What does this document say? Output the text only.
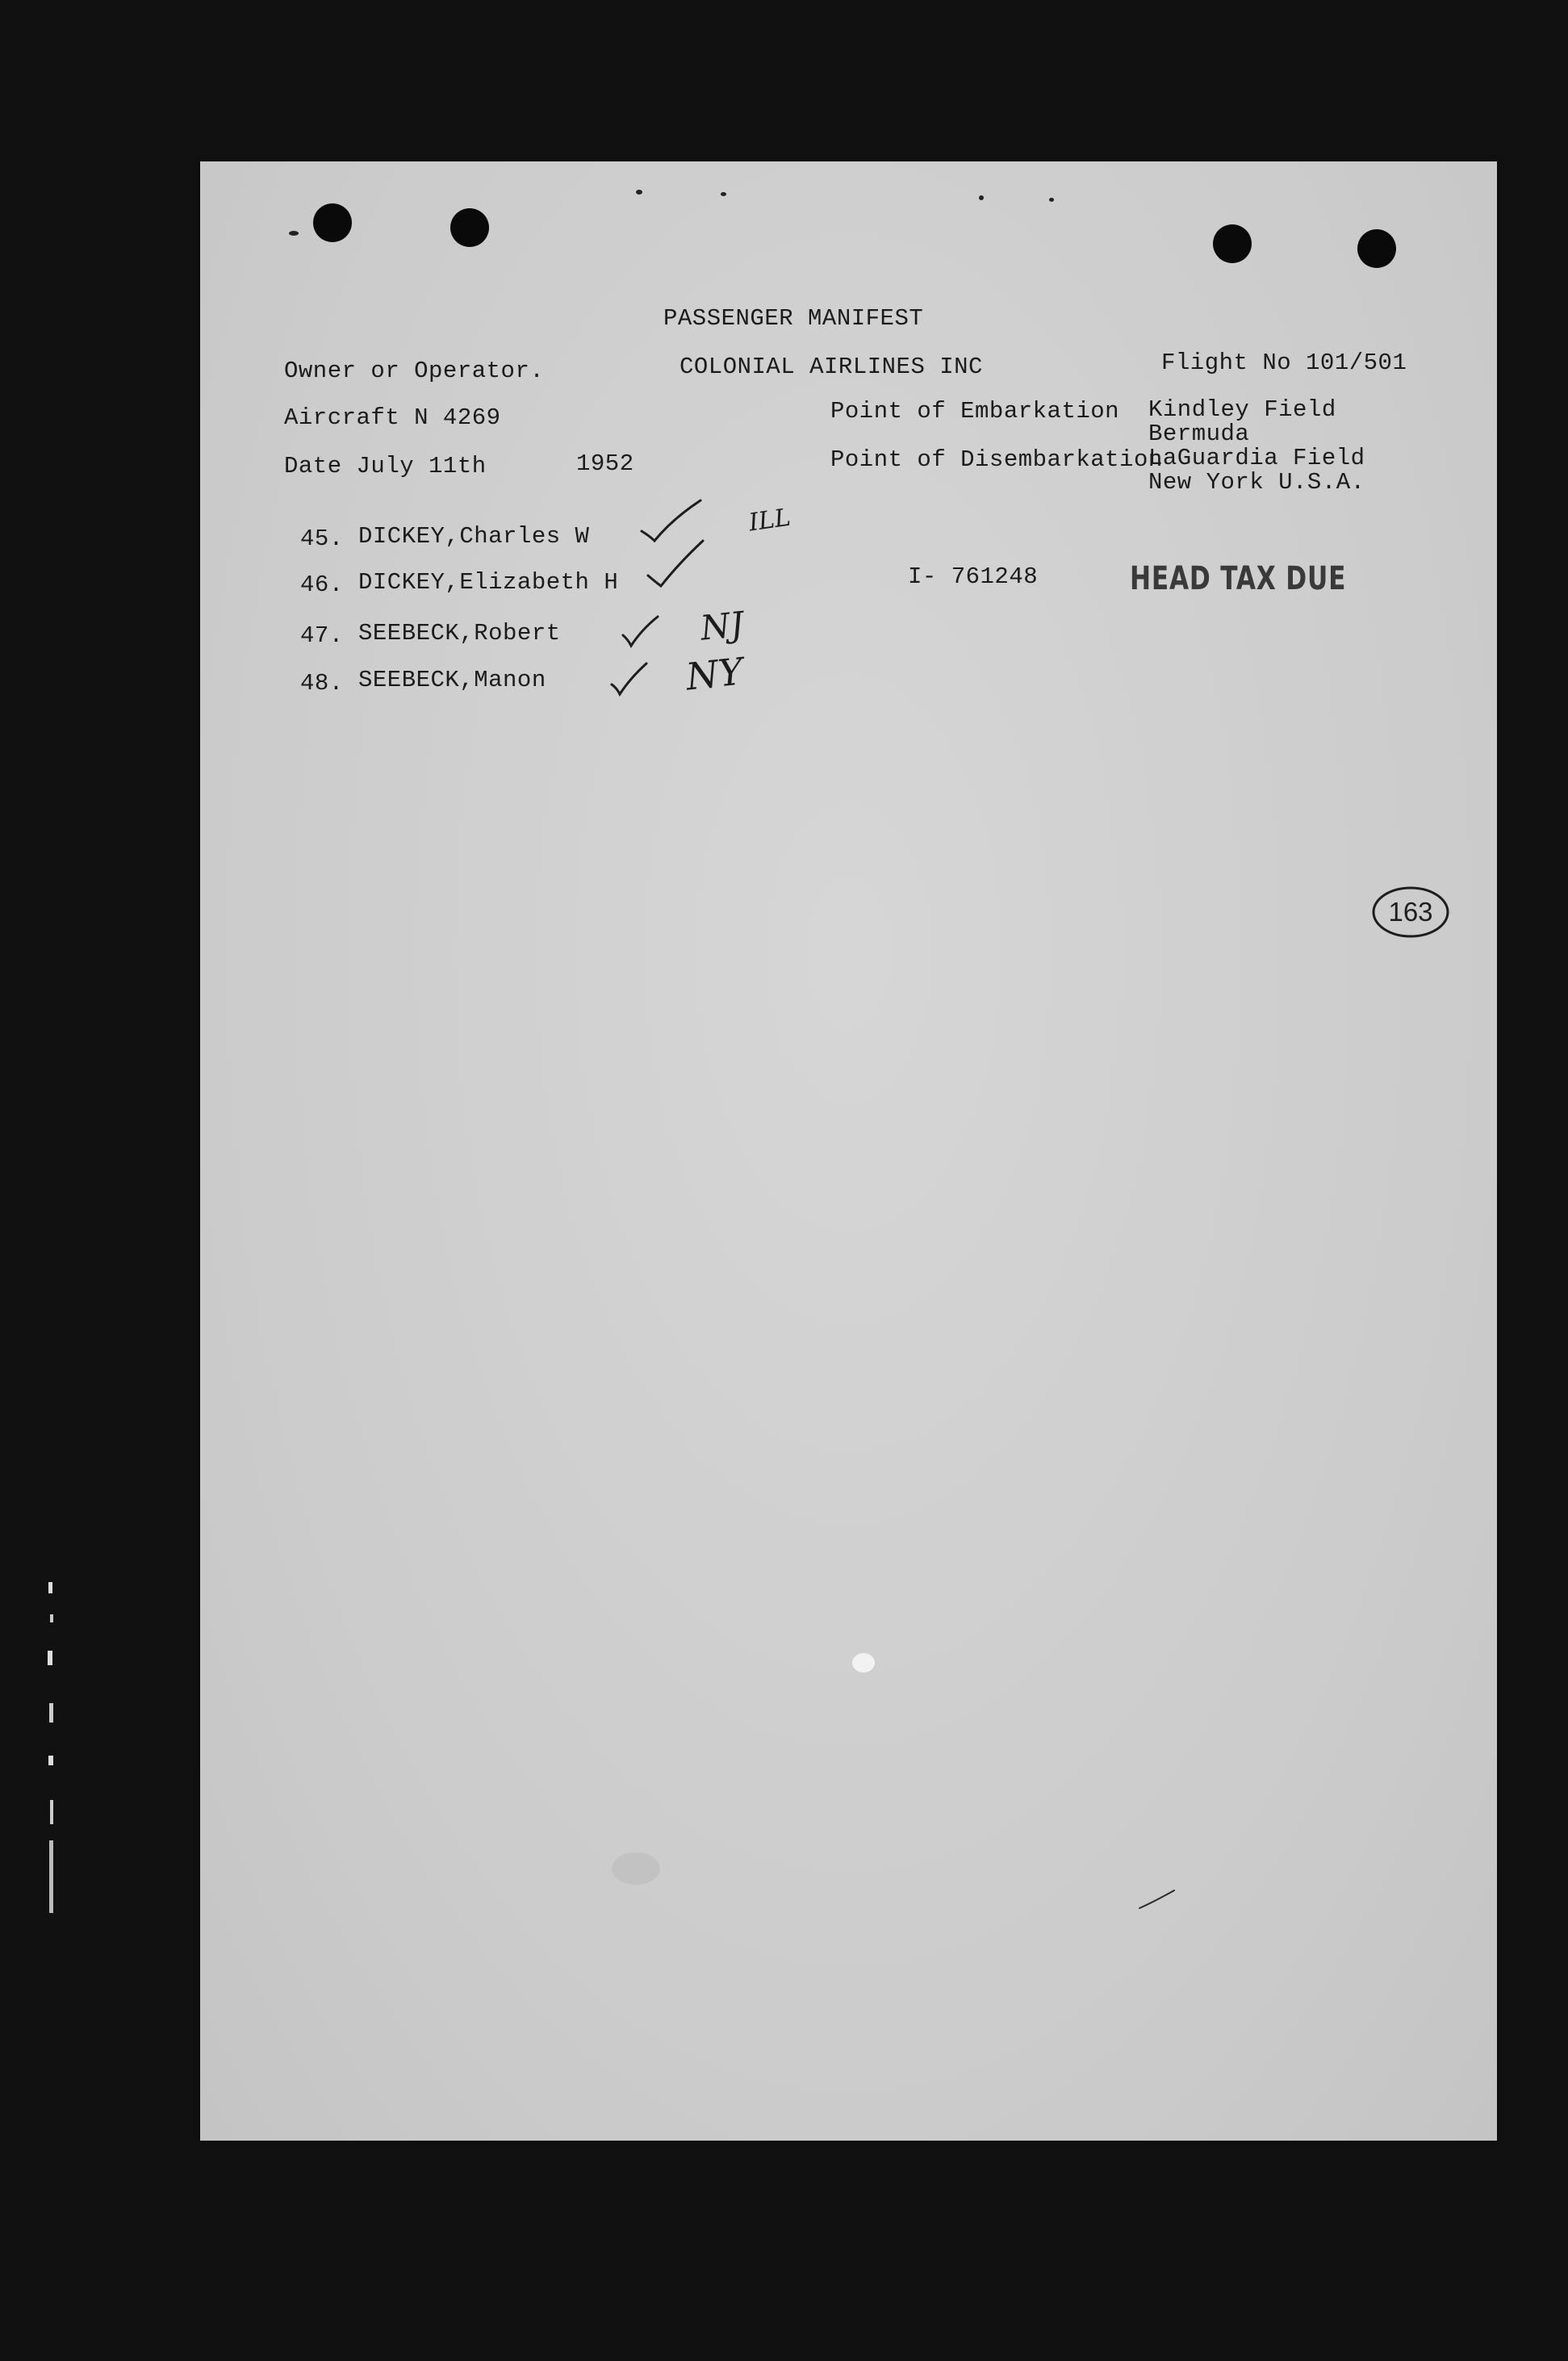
PASSENGER MANIFEST
Owner or Operator.	COLONIAL AIRLINES INC	Flight No 101/501
Aircraft N 4269	Point of Embarkation Kindley Field
Bermuda
Date July 11th	1952	Point of Disembarkation
LaGuardia Field
New York U.S.A.
45. DICKEY,Charles W	ILL
46. DICKEY,Elizabeth H
47. SEEBECK,Robert	NJ
48. SEEBECK,Manon	NY
I- 761248	HEAD TAX DUE
163
